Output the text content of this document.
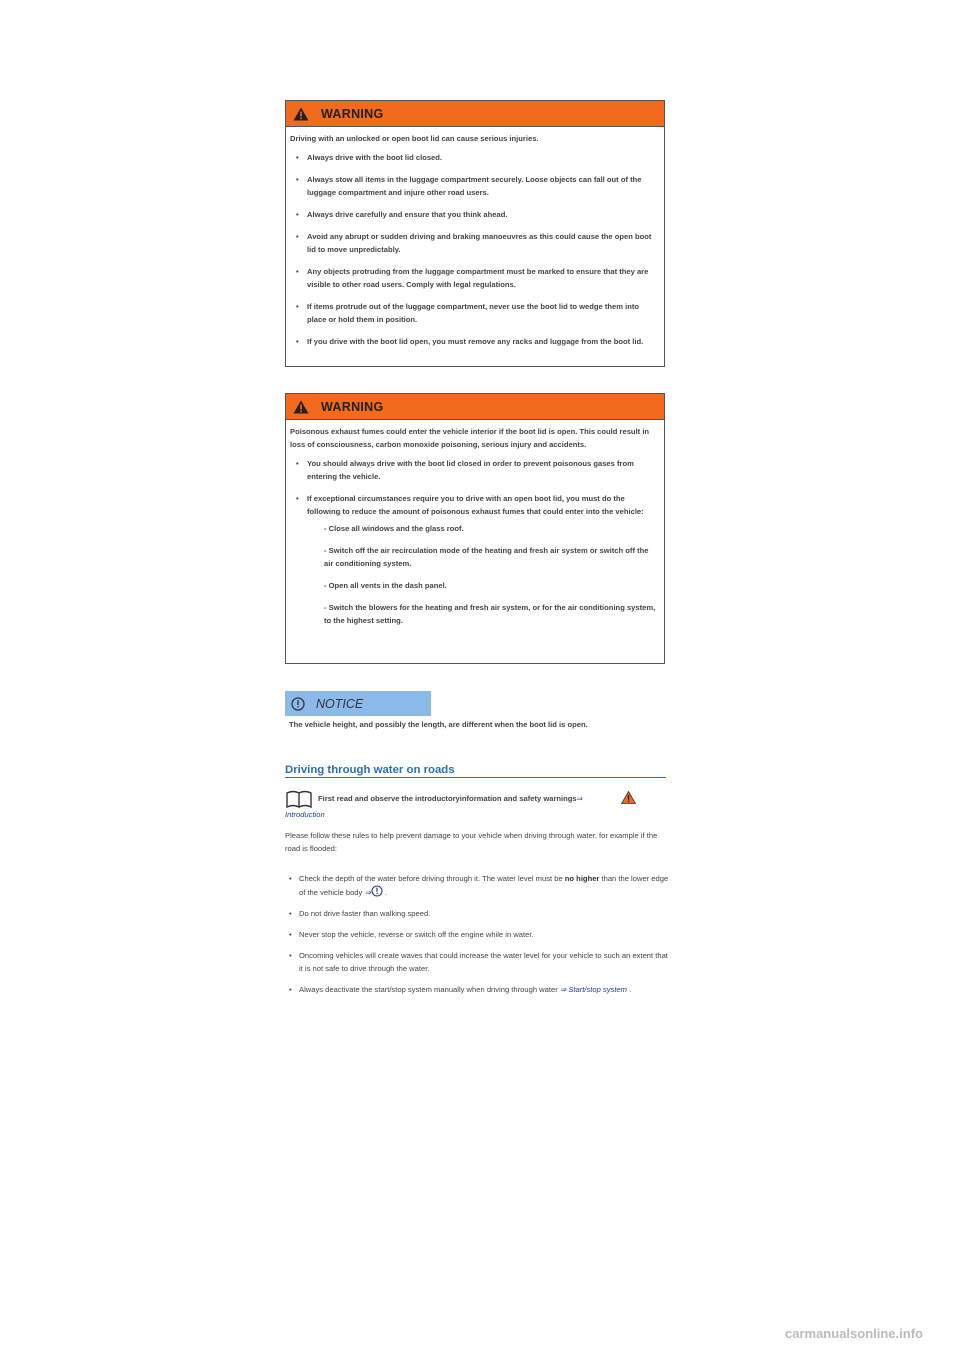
WARNING

Driving with an unlocked or open boot lid can cause serious injuries.

• Always drive with the boot lid closed.
• Always stow all items in the luggage compartment securely. Loose objects can fall out of the luggage compartment and injure other road users.
• Always drive carefully and ensure that you think ahead.
• Avoid any abrupt or sudden driving and braking manoeuvres as this could cause the open boot lid to move unpredictably.
• Any objects protruding from the luggage compartment must be marked to ensure that they are visible to other road users. Comply with legal regulations.
• If items protrude out of the luggage compartment, never use the boot lid to wedge them into place or hold them in position.
• If you drive with the boot lid open, you must remove any racks and luggage from the boot lid.
WARNING

Poisonous exhaust fumes could enter the vehicle interior if the boot lid is open. This could result in loss of consciousness, carbon monoxide poisoning, serious injury and accidents.

• You should always drive with the boot lid closed in order to prevent poisonous gases from entering the vehicle.
• If exceptional circumstances require you to drive with an open boot lid, you must do the following to reduce the amount of poisonous exhaust fumes that could enter into the vehicle:

- Close all windows and the glass roof.

- Switch off the air recirculation mode of the heating and fresh air system or switch off the air conditioning system.

- Open all vents in the dash panel.

- Switch the blowers for the heating and fresh air system, or for the air conditioning system, to the highest setting.

NOTICE
The vehicle height, and possibly the length, are different when the boot lid is open.
Driving through water on roads
First read and observe the introductoryinformation and safety warnings⇒
Introduction
Please follow these rules to help prevent damage to your vehicle when driving through water, for example if the road is flooded:
• Check the depth of the water before driving through it. The water level must be no higher than the lower edge of the vehicle body ⇒ .
• Do not drive faster than walking speed.
• Never stop the vehicle, reverse or switch off the engine while in water.
• Oncoming vehicles will create waves that could increase the water level for your vehicle to such an extent that it is not safe to drive through the water.
• Always deactivate the start/stop system manually when driving through water ⇒ Start/stop system .
carmanualsonline.info
